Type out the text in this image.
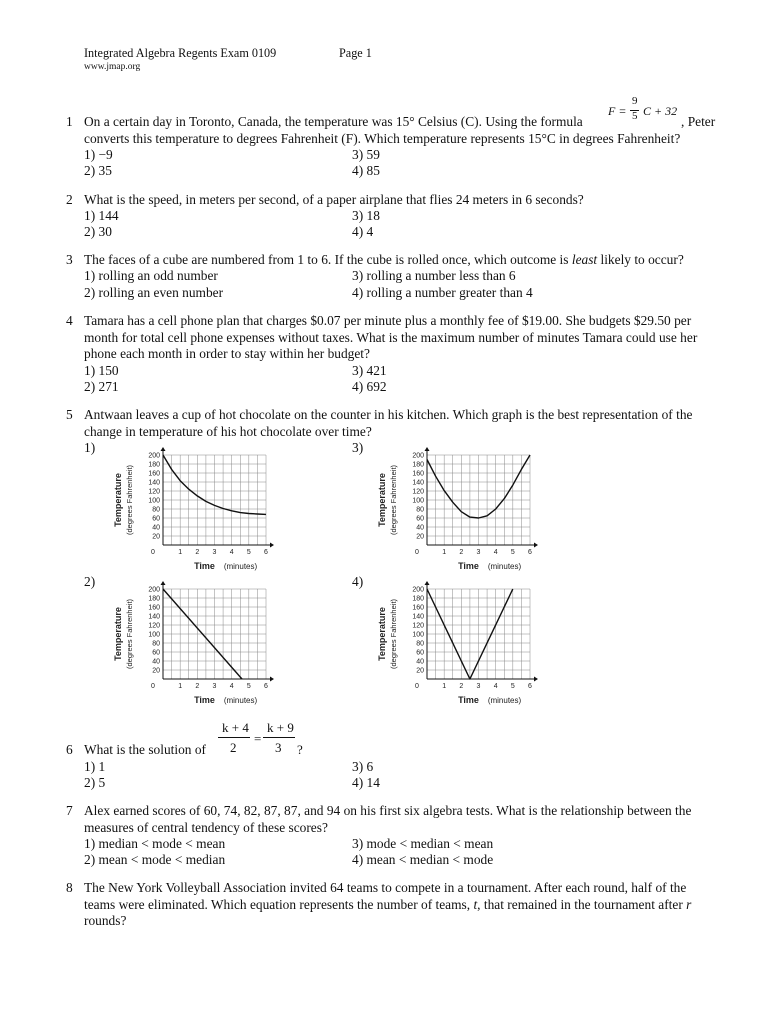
Integrated Algebra Regents Exam 0109	Page 1
www.jmap.org
1 On a certain day in Toronto, Canada, the temperature was 15° Celsius (C). Using the formula
F =
9
5 C + 32
, Peter
converts this temperature to degrees Fahrenheit (F). Which temperature represents 15°C in degrees Fahrenheit?
1) −9
2) 35
3) 59
4) 85
2 What is the speed, in meters per second, of a paper airplane that flies 24 meters in 6 seconds?
1) 144
2) 30
3) 18
4) 4
3 The faces of a cube are numbered from 1 to 6. If the cube is rolled once, which outcome is least likely to occur?
1) rolling an odd number
2) rolling an even number
3) rolling a number less than 6
4) rolling a number greater than 4
4 Tamara has a cell phone plan that charges $0.07 per minute plus a monthly fee of $19.00. She budgets $29.50 per
month for total cell phone expenses without taxes. What is the maximum number of minutes Tamara could use her
phone each month in order to stay within her budget?
1) 150
2) 271
3) 421
4) 692
5 Antwaan leaves a cup of hot chocolate on the counter in his kitchen. Which graph is the best representation of the
change in temperature of his hot chocolate over time?
1)
2)
3)
4)
0	1 2 3 4 5 6
20
40
60
80
100
120
140
160
180
200
Time (minutes)
Temperature (degrees Fahrenheit)
0	1 2 3 4 5 6
20
40
60
80
100
120
140
160
180
200
Time (minutes)
Temperature (degrees Fahrenheit)
0	1 2 3 4 5 6
20
40
60
80
100
120
140
160
180
200
Time (minutes)
Temperature (degrees Fahrenheit)
0	1 2 3 4 5 6
20
40
60
80
100
120
140
160
180
200
Time (minutes)
Temperature (degrees Fahrenheit)
6 What is the solution of
k + 4
2
=
k + 9
3 ?
1) 1
2) 5
3) 6
4) 14
7 Alex earned scores of 60, 74, 82, 87, 87, and 94 on his first six algebra tests. What is the relationship between the
measures of central tendency of these scores?
1) median < mode < mean
2) mean < mode < median
3) mode < median < mean
4) mean < median < mode
8 The New York Volleyball Association invited 64 teams to compete in a tournament. After each round, half of the
teams were eliminated. Which equation represents the number of teams, t, that remained in the tournament after r
rounds?
